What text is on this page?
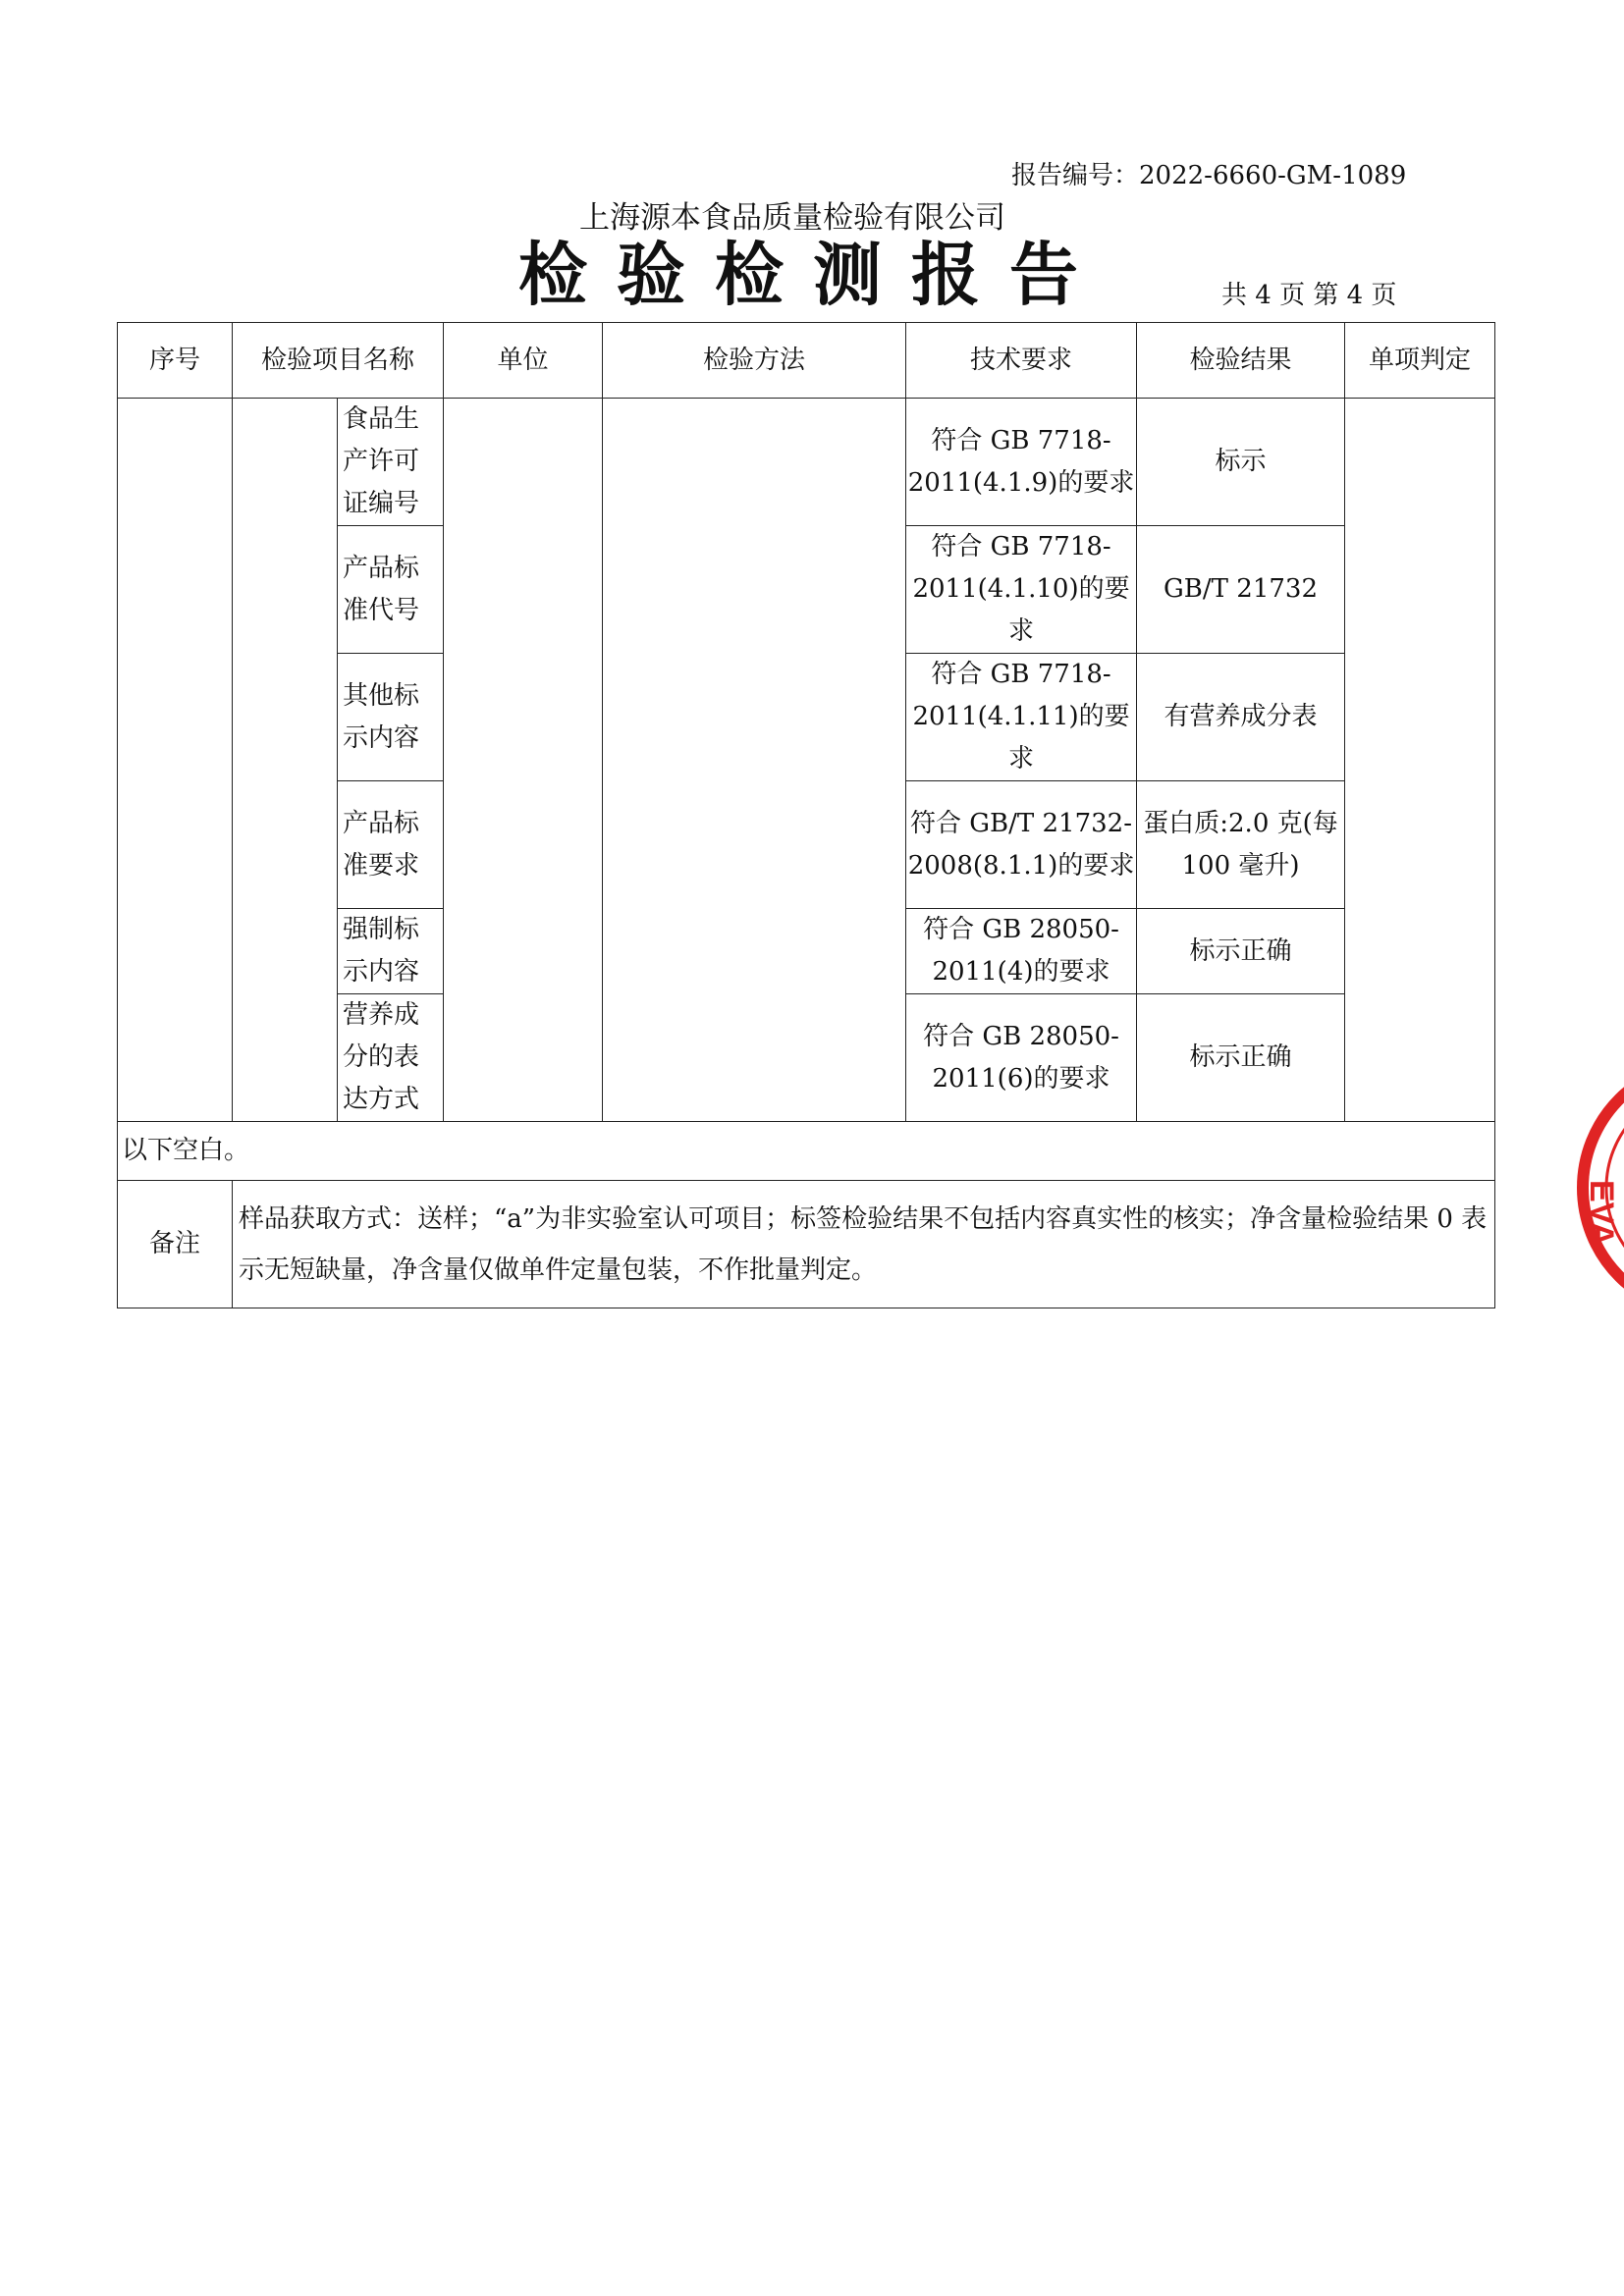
报告编号：2022-6660-GM-1089
上海源本食品质量检验有限公司
检验检测报告	共 4 页 第 4 页
序号	检验项目名称		单位	检验方法	技术要求	检验结果	单项判定
		食品生产许可证编号			符合 GB 7718-2011(4.1.9)的要求	标示	
		产品标准代号			符合 GB 7718-2011(4.1.10)的要求	GB/T 21732	
		其他标示内容			符合 GB 7718-2011(4.1.11)的要求	有营养成分表	
		产品标准要求			符合 GB/T 21732-2008(8.1.1)的要求	蛋白质:2.0 克(每 100 毫升)	
		强制标示内容			符合 GB 28050-2011(4)的要求	标示正确	
		营养成分的表达方式			符合 GB 28050-2011(6)的要求	标示正确	
以下空白。							
备注	样品获取方式：送样；“a”为非实验室认可项目；标签检验结果不包括内容真实性的核实；净含量检验结果 0 表示无短缺量，净含量仅做单件定量包装，不作批量判定。						
EVA
